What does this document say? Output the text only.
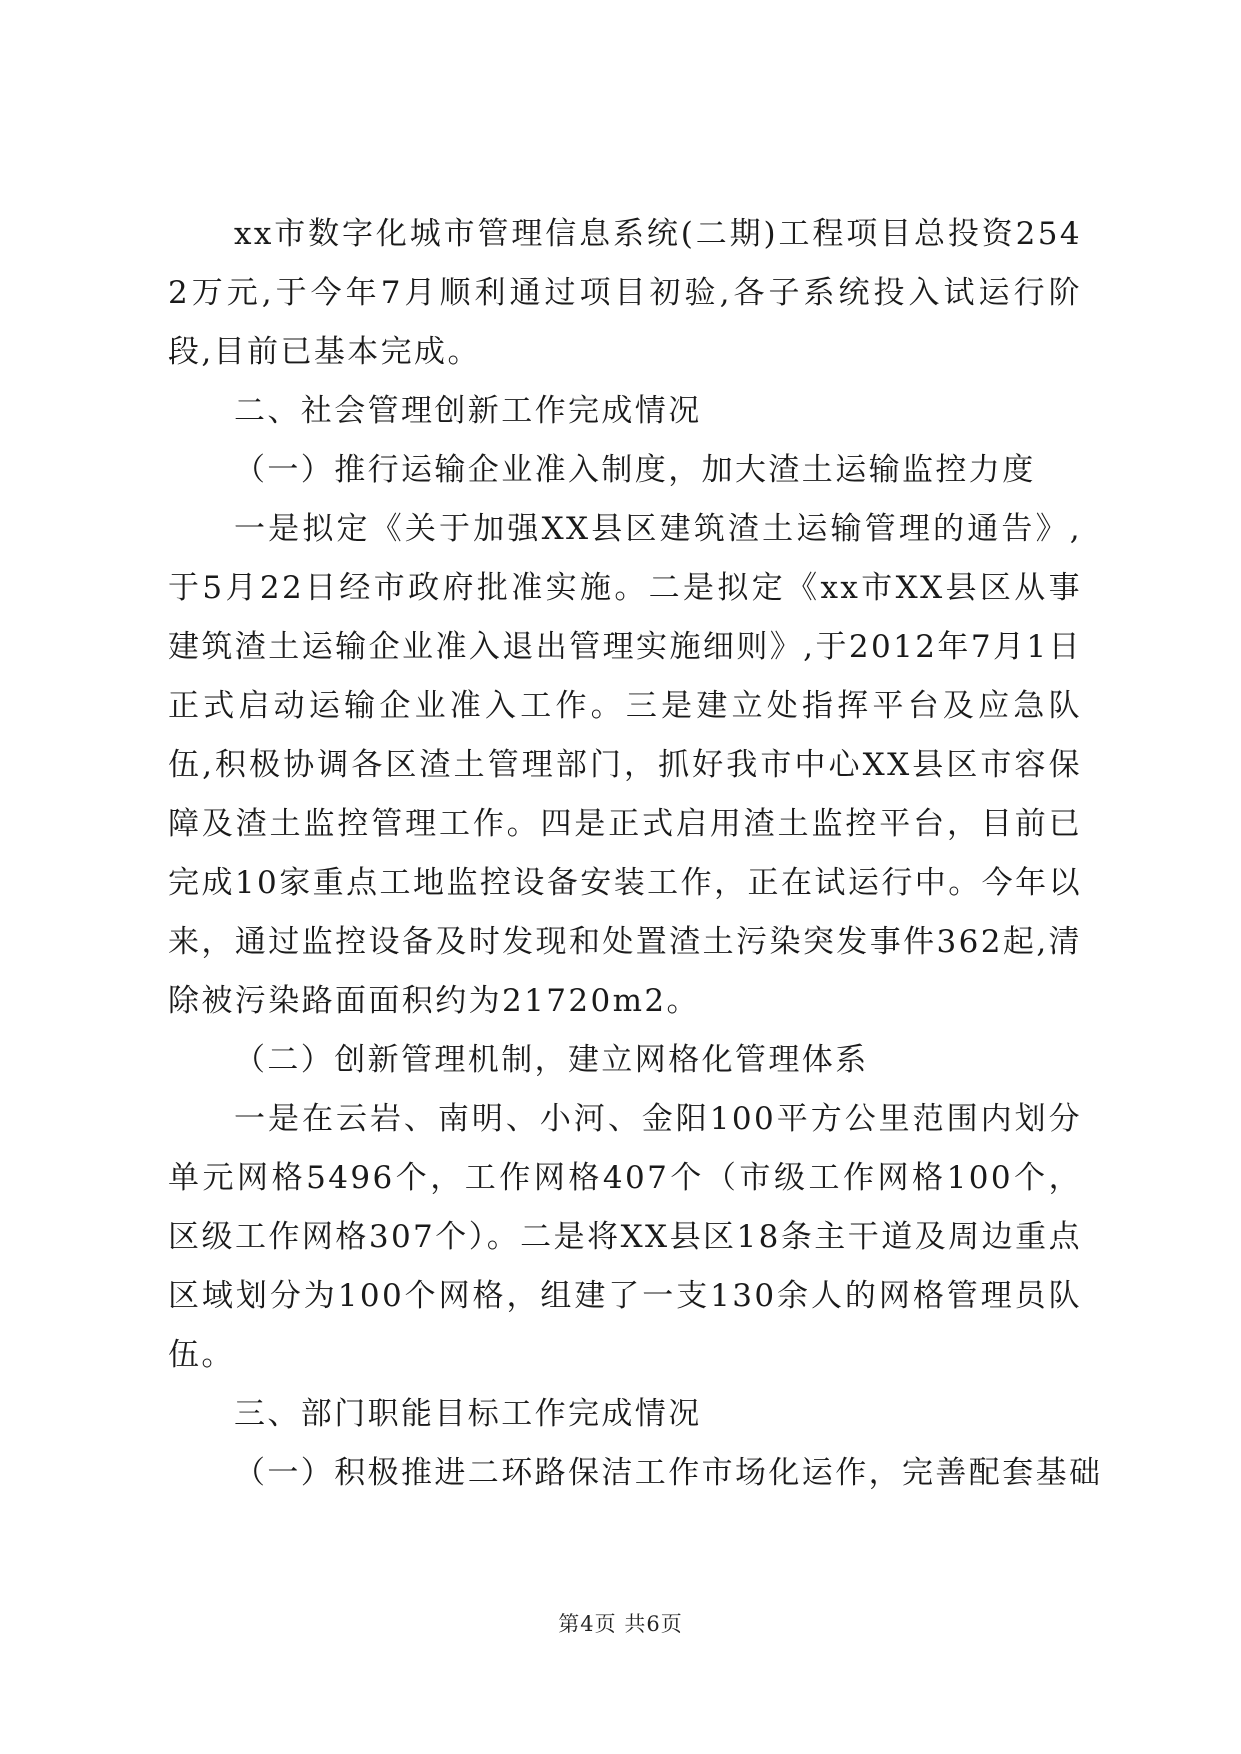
xx市数字化城市管理信息系统(二期)工程项目总投资2542万元,于今年7月顺利通过项目初验,各子系统投入试运行阶段,目前已基本完成。

二、社会管理创新工作完成情况

（一）推行运输企业准入制度，加大渣土运输监控力度

一是拟定《关于加强XX县区建筑渣土运输管理的通告》,于5月22日经市政府批准实施。二是拟定《xx市XX县区从事建筑渣土运输企业准入退出管理实施细则》,于2012年7月1日正式启动运输企业准入工作。三是建立处指挥平台及应急队伍,积极协调各区渣土管理部门，抓好我市中心XX县区市容保障及渣土监控管理工作。四是正式启用渣土监控平台，目前已完成10家重点工地监控设备安装工作，正在试运行中。今年以来，通过监控设备及时发现和处置渣土污染突发事件362起,清除被污染路面面积约为21720m2。

（二）创新管理机制，建立网格化管理体系

一是在云岩、南明、小河、金阳100平方公里范围内划分单元网格5496个，工作网格407个（市级工作网格100个，区级工作网格307个）。二是将XX县区18条主干道及周边重点区域划分为100个网格，组建了一支130余人的网格管理员队伍。

三、部门职能目标工作完成情况

（一）积极推进二环路保洁工作市场化运作，完善配套基础

第4页 共6页
